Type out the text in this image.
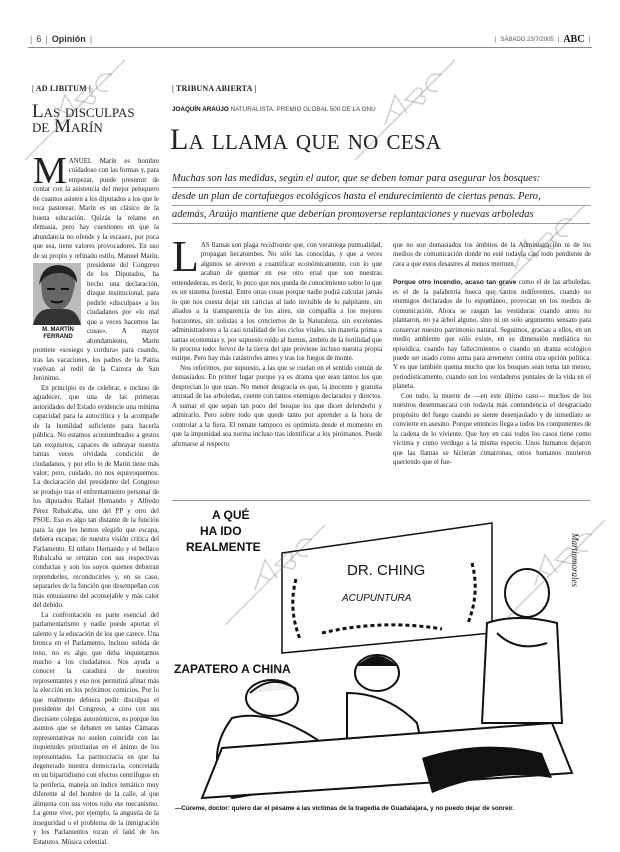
| 6 | Opinión |	| SÁBADO 23/7/2005 | ABC |
| AD LIBITUM |
Las disculpas
de Marín

M
M. MARTÍN
FERRAND
ANUEL Marín es hombre cuidadoso con las formas y, para empezar, puede presumir de contar con la asistencia del mejor peluquero de cuantos asisten a los diputados a los que le toca pastorear. Marín es un clásico de la buena educación. Quizás la relame en demasía, pero hay cuestiones en que la abundancia no ofende y la escasez, por poca que sea, tiene valores provocadores. En uso de su propio y refinado estilo, Manuel Marín, presidente del Congreso de los Diputados, ha hecho una declaración, dizque institucional, para pedirle «disculpas» a los ciudadanos por «lo mal que a veces hacemos las cosas». A mayor abundamiento, Marín promete «sosiego y cordura» para cuando, tras las vacaciones, los padres de la Patria vuelvan al redil de la Carrera de San Jerónimo.

En principio es de celebrar, e incluso de agradecer, que una de las primeras autoridades del Estado evidencie una mínima capacidad para la autocrítica y la acompañe de la humildad suficiente para hacerla pública. No estamos acostumbrados a gestos tan exquisitos, capaces de subrayar nuestra tantas veces olvidada condición de ciudadanos, y por ello lo de Marín tiene más valor; pero, cuidado, no nos equivoquemos. La declaración del presidente del Congreso se produjo tras el enfrentamiento personal de los diputados Rafael Hernando y Alfredo Pérez Rubalcaba, uno del PP y otro del PSOE. Eso es algo tan distante de la función para la que les hemos elegido que escapa, debiera escapar, de nuestra visión crítica del Parlamento. El niñato Hernando y el bellaco Rubalcaba se retratan con sus respectivas conductas y son los suyos quienes debieran reprenderles, reconducirles y, en su caso, separarles de la función que desempeñan con más entusiasmo del aconsejable y más calor del debido.

La confrontación es parte esencial del parlamentarismo y nadie puede aportar el talento y la educación de los que carece. Una bronca en el Parlamento, incluso subida de tono, no es algo que deba inquietarnos mucho a los ciudadanos. Nos ayuda a conocer la catadura de nuestros representantes y eso nos permitirá afinar más la elección en los próximos comicios. Por lo que realmente debiera pedir disculpas el presidente del Congreso, a coro con sus diecisiete colegas autonómicos, es porque los asuntos que se debaten en tantas Cámaras representativas no suelen coincidir con las inquietudes prioritarias en el ánimo de los representados. La partitocracia en que ha degenerado nuestra democracia, concretada en un bipartidismo con efectos centrífugos en la periferia, maneja un índice temático muy diferente al del hombre de la calle, al que alimenta con sus votos todo ese mecanismo. La gente vive, por ejemplo, la angustia de la inseguridad o el problema de la inmigración y los Parlamentos tocan el laúd de los Estatutos. Música celestial.

| TRIBUNA ABIERTA |
JOAQUÍN ARAÚJO NATURALISTA. PREMIO GLOBAL 500 DE LA ONU
La llama que no cesa
Muchas son las medidas, según el autor, que se deben tomar para asegurar los bosques:
desde un plan de cortafuegos ecológicos hasta el endurecimiento de ciertas penas. Pero,
además, Araújo mantiene que deberían promoverse replantaciones y nuevas arboledas

LAS llamas son plaga recidivante que, con veraniega puntualidad, propagan hecatombes. No sólo las conocidas, y que a veces algunos se atreven a cuantificar económicamente, con lo que acaban de quemar en ese otro erial que son nuestras entendederas, es decir, lo poco que nos queda de conocimiento sobre lo que es un sistema forestal. Entre otras cosas porque nadie podrá calcular jamás lo que nos cuesta dejar sin caricias al lado invisible de lo palpitante, sin aliados a la transparencia de los aires, sin compañía a los mejores horizontes, sin solistas a los conciertos de la Naturaleza, sin excelentes administradores a la casi totalidad de los ciclos vitales, sin materia prima a tantas economías y, por supuesto roído al humus, ámbito de la fertilidad que lo procrea todo: fervor de la tierra del que proviene incluso nuestra propia estirpe. Pero hay más catástrofes antes y tras los fuegos de monte.

Nos referimos, por supuesto, a las que se cuelan en el sentido común de demasiados. En primer lugar porque ya es drama que sean tantos los que desprecian lo que usan. No menor desgracia es que, la inocente y gratuita amistad de las arboledas, cuente con tantos enemigos declarados y directos. A sumar el que sepan tan poco del bosque los que dicen defenderlo y admirarlo. Pero sobre todo que quede tanto por aprender a la hora de controlar a la fiera. El remate tampoco es optimista desde el momento en que la impunidad sea norma incluso tras identificar a los pirómanos. Puede afirmarse al respecto

que no son demasiados los ámbitos de la Administración ni de los medios de comunicación donde no esté todavía casi todo pendiente de cara a que estos desastres al menos mermen.

Porque otro incendio, acaso tan grave como el de las arboledas, es el de la palabrería hueca que tantos indiferentes, cuando no enemigos declarados de lo espontáneo, provocan en los medios de comunicación. Ahora se rasgan las vestiduras cuando antes no plantaron, no ya árbol alguno, sino ni un solo argumento sensato para conservar nuestro patrimonio natural. Seguimos, gracias a ellos, en un medio ambiente que sólo existe, en su dimensión mediática no episódica, cuando hay fallecimientos o cuando un drama ecológico puede ser usado como arma para arremeter contra otra opción política. Y es que también quema mucho que los bosques sean tema tan menor, periodísticamente, cuando son los verdaderos puntales de la vida en el planeta.

Con todo, la muerte de —en este último caso— muchos de los nuestros desenmascara con todavía más contundencia el desgraciado propósito del fuego cuando se siente desenjaulado y de inmediato se convierte en asesino. Porque entonces llega a todos los componentes de la cadena de lo viviente. Que hoy en casi todos los casos tiene como víctima y como verdugo a la misma especie. Unos humanos dejaron que las llamas se hicieran cimarronas, otros humanos murieron queriendo que el fue-

DR. CHING
ACUPUNTURA
A QUÉ
HA IDO
REALMENTE
ZAPATERO A CHINA
Martinmorales
—Cúreme, doctor: quiero dar el pésame a las víctimas de la tragedia de Guadalajara, y no puedo dejar de sonreír.
